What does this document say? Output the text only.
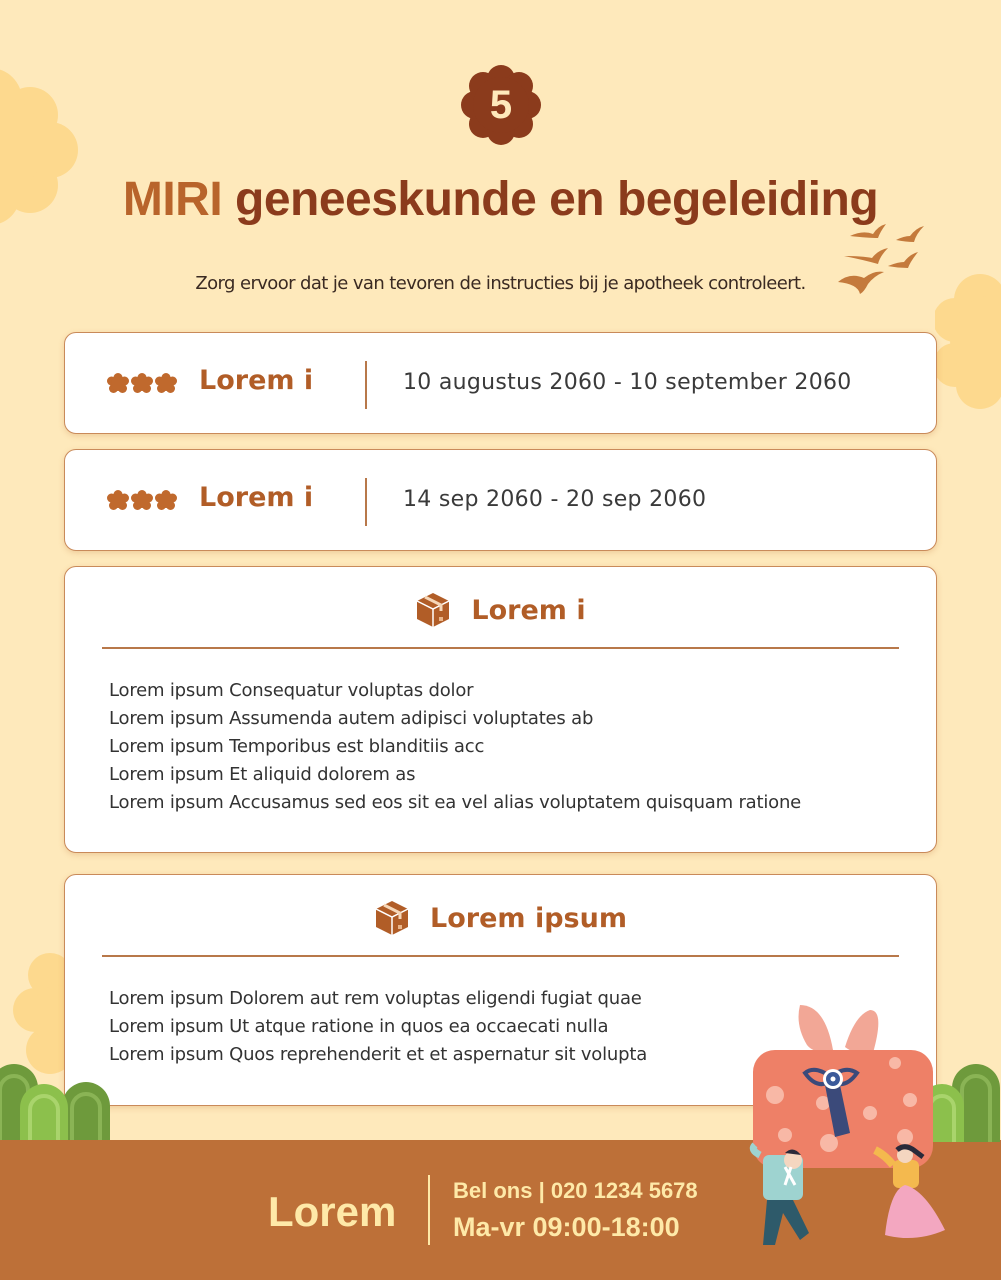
5
MIRI geneeskunde en begeleiding
Zorg ervoor dat je van tevoren de instructies bij je apotheek controleert.
Lorem i	10 augustus 2060 - 10 september 2060
Lorem i	14 sep 2060 - 20 sep 2060
Lorem i
Lorem ipsum Consequatur voluptas dolor
Lorem ipsum Assumenda autem adipisci voluptates ab
Lorem ipsum Temporibus est blanditiis acc
Lorem ipsum Et aliquid dolorem as
Lorem ipsum Accusamus sed eos sit ea vel alias voluptatem quisquam ratione
Lorem ipsum
Lorem ipsum Dolorem aut rem voluptas eligendi fugiat quae
Lorem ipsum Ut atque ratione in quos ea occaecati nulla
Lorem ipsum Quos reprehenderit et et aspernatur sit volupta
Lorem	Bel ons | 020 1234 5678
Ma-vr 09:00-18:00
